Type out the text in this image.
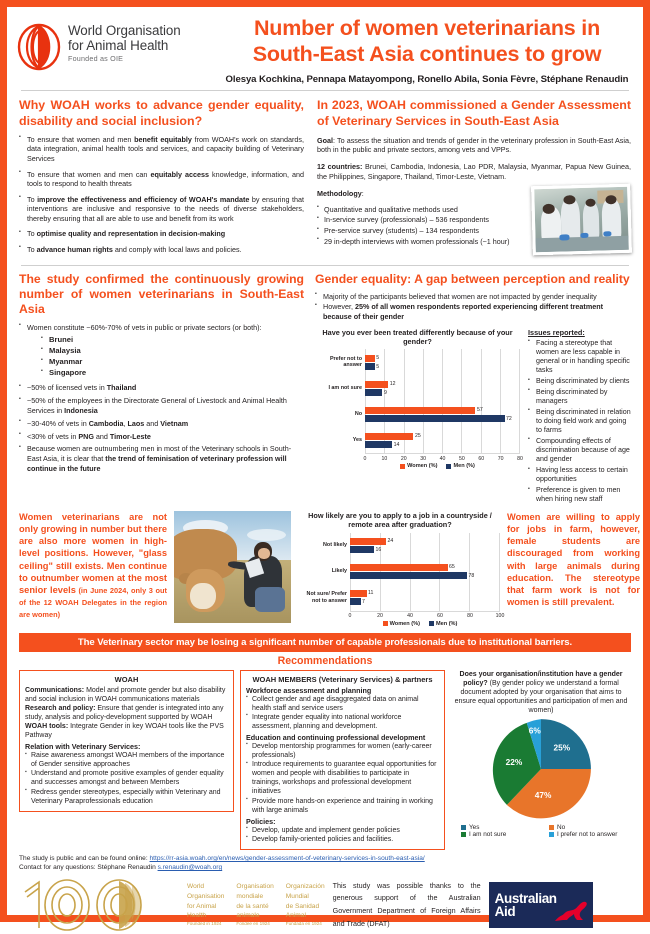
World Organisation
for Animal Health
Founded as OIE
Number of women veterinarians in South-East Asia continues to grow
Olesya Kochkina, Pennapa Matayompong, Ronello Abila, Sonia Fèvre, Stéphane Renaudin
Why WOAH works to advance gender equality, disability and social inclusion?
▪ To ensure that women and men benefit equitably from WOAH's work on standards, data integration, animal health tools and services, and capacity building of Veterinary Services
▪ To ensure that women and men can equitably access knowledge, information, and tools to respond to health threats
▪ To improve the effectiveness and efficiency of WOAH's mandate by ensuring that interventions are inclusive and responsive to the needs of diverse stakeholders, thereby ensuring that all are able to use and benefit from its work
▪ To optimise quality and representation in decision-making
▪ To advance human rights and comply with local laws and policies.
In 2023, WOAH commissioned a Gender Assessment of Veterinary Services in South-East Asia
Goal: To assess the situation and trends of gender in the veterinary profession in South-East Asia, both in the public and private sectors, among vets and VPPs.
12 countries: Brunei, Cambodia, Indonesia, Lao PDR, Malaysia, Myanmar, Papua New Guinea, the Philippines, Singapore, Thailand, Timor-Leste, Vietnam.
Methodology:
▪ Quantitative and qualitative methods used
▪ In-service survey (professionals) – 536 respondents
▪ Pre-service survey (students) – 134 respondents
▪ 29 in-depth interviews with women professionals (~1 hour)
The study confirmed the continuously growing number of women veterinarians in South-East Asia
▪ Women constitute ~60%-70% of vets in public or private sectors (or both):
▪ Brunei
▪ Malaysia
▪ Myanmar
▪ Singapore
▪ ~50% of licensed vets in Thailand
▪ ~50% of the employees in the Directorate General of Livestock and Animal Health Services in Indonesia
▪ ~30-40% of vets in Cambodia, Laos and Vietnam
▪ <30% of vets in PNG and Timor-Leste
▪ Because women are outnumbering men in most of the Veterinary schools in South-East Asia, it is clear that the trend of feminisation of veterinary profession will continue in the future
Gender equality: A gap between perception and reality
▪ Majority of the participants believed that women are not impacted by gender inequality
▪ However, 25% of all women respondents reported experiencing different treatment because of their gender
Have you ever been treated differently because of your gender?
Prefer not to answer
5
5
I am not sure
12
9
No
57
72
Yes
25
14
0	10	20	30	40	50	60	70	80
Women (%)	Men (%)
Issues reported:
▪ Facing a stereotype that women are less capable in general or in handling specific tasks
▪ Being discriminated by clients
▪ Being discriminated by managers
▪ Being discriminated in relation to doing field work and going to farms
▪ Compounding effects of discrimination because of age and gender
▪ Having less access to certain opportunities
▪ Preference is given to men when hiring new staff
Women veterinarians are not only growing in number but there are also more women in high-level positions. However, "glass ceiling" still exists. Men continue to outnumber women at the most senior levels (in June 2024, only 3 out of the 12 WOAH Delegates in the region are women)
How likely are you to apply to a job in a countryside / remote area after graduation?
Not likely
24
16
Likely
65
78
Not sure/ Prefer not to answer
11
7
0	20	40	60	80	100
Women (%)	Men (%)
Women are willing to apply for jobs in farm, however, female students are discouraged from working with large animals during education. The stereotype that farm work is not for women is still prevalent.
The Veterinary sector may be losing a significant number of capable professionals due to institutional barriers.
Recommendations
WOAH

Communications: Model and promote gender but also disability and social inclusion in WOAH communications materials

Research and policy: Ensure that gender is integrated into any study, analysis and policy-development supported by WOAH

WOAH tools: Integrate Gender in key WOAH tools like the PVS Pathway

Relation with Veterinary Services:
▪ Raise awareness amongst WOAH members of the importance of Gender sensitive approaches
▪ Understand and promote positive examples of gender equality and successes amongst and between Members
▪ Redress gender stereotypes, especially within Veterinary and Veterinary Paraprofessionals education
WOAH MEMBERS (Veterinary Services) & partners
Workforce assessment and planning
▪ Collect gender and age disaggregated data on animal health staff and service users
▪ Integrate gender equality into national workforce assessment, planning and development.
Education and continuing professional development
▪ Develop mentorship programmes for women (early-career professionals)
▪ Introduce requirements to guarantee equal opportunities for women and people with disabilities to participate in trainings, workshops and professional development initiatives
▪ Provide more hands-on experience and training in working with large animals
Policies:
▪ Develop, update and implement gender policies
▪ Develop family-oriented policies and facilities.
Does your organisation/institution have a gender policy? (By gender policy we understand a formal document adopted by your organisation that aims to ensure equal opportunities and participation of men and women)
25%
47%
22%
6%
Yes	No
I am not sure	I prefer not to answer
The study is public and can be found online: https://rr-asia.woah.org/en/news/gender-assessment-of-veterinary-services-in-south-east-asia/
Contact for any questions: Stéphane Renaudin s.renaudin@woah.org
World
Organisation
for Animal
Health
Founded in 1924
Organisation
mondiale
de la santé
animale
Fondée en 1924
Organización
Mundial
de Sanidad
Animal
Fundada en 1924
This study was possible thanks to the generous support of the Australian Government Department of Foreign Affairs and Trade (DFAT)
Australian
Aid
